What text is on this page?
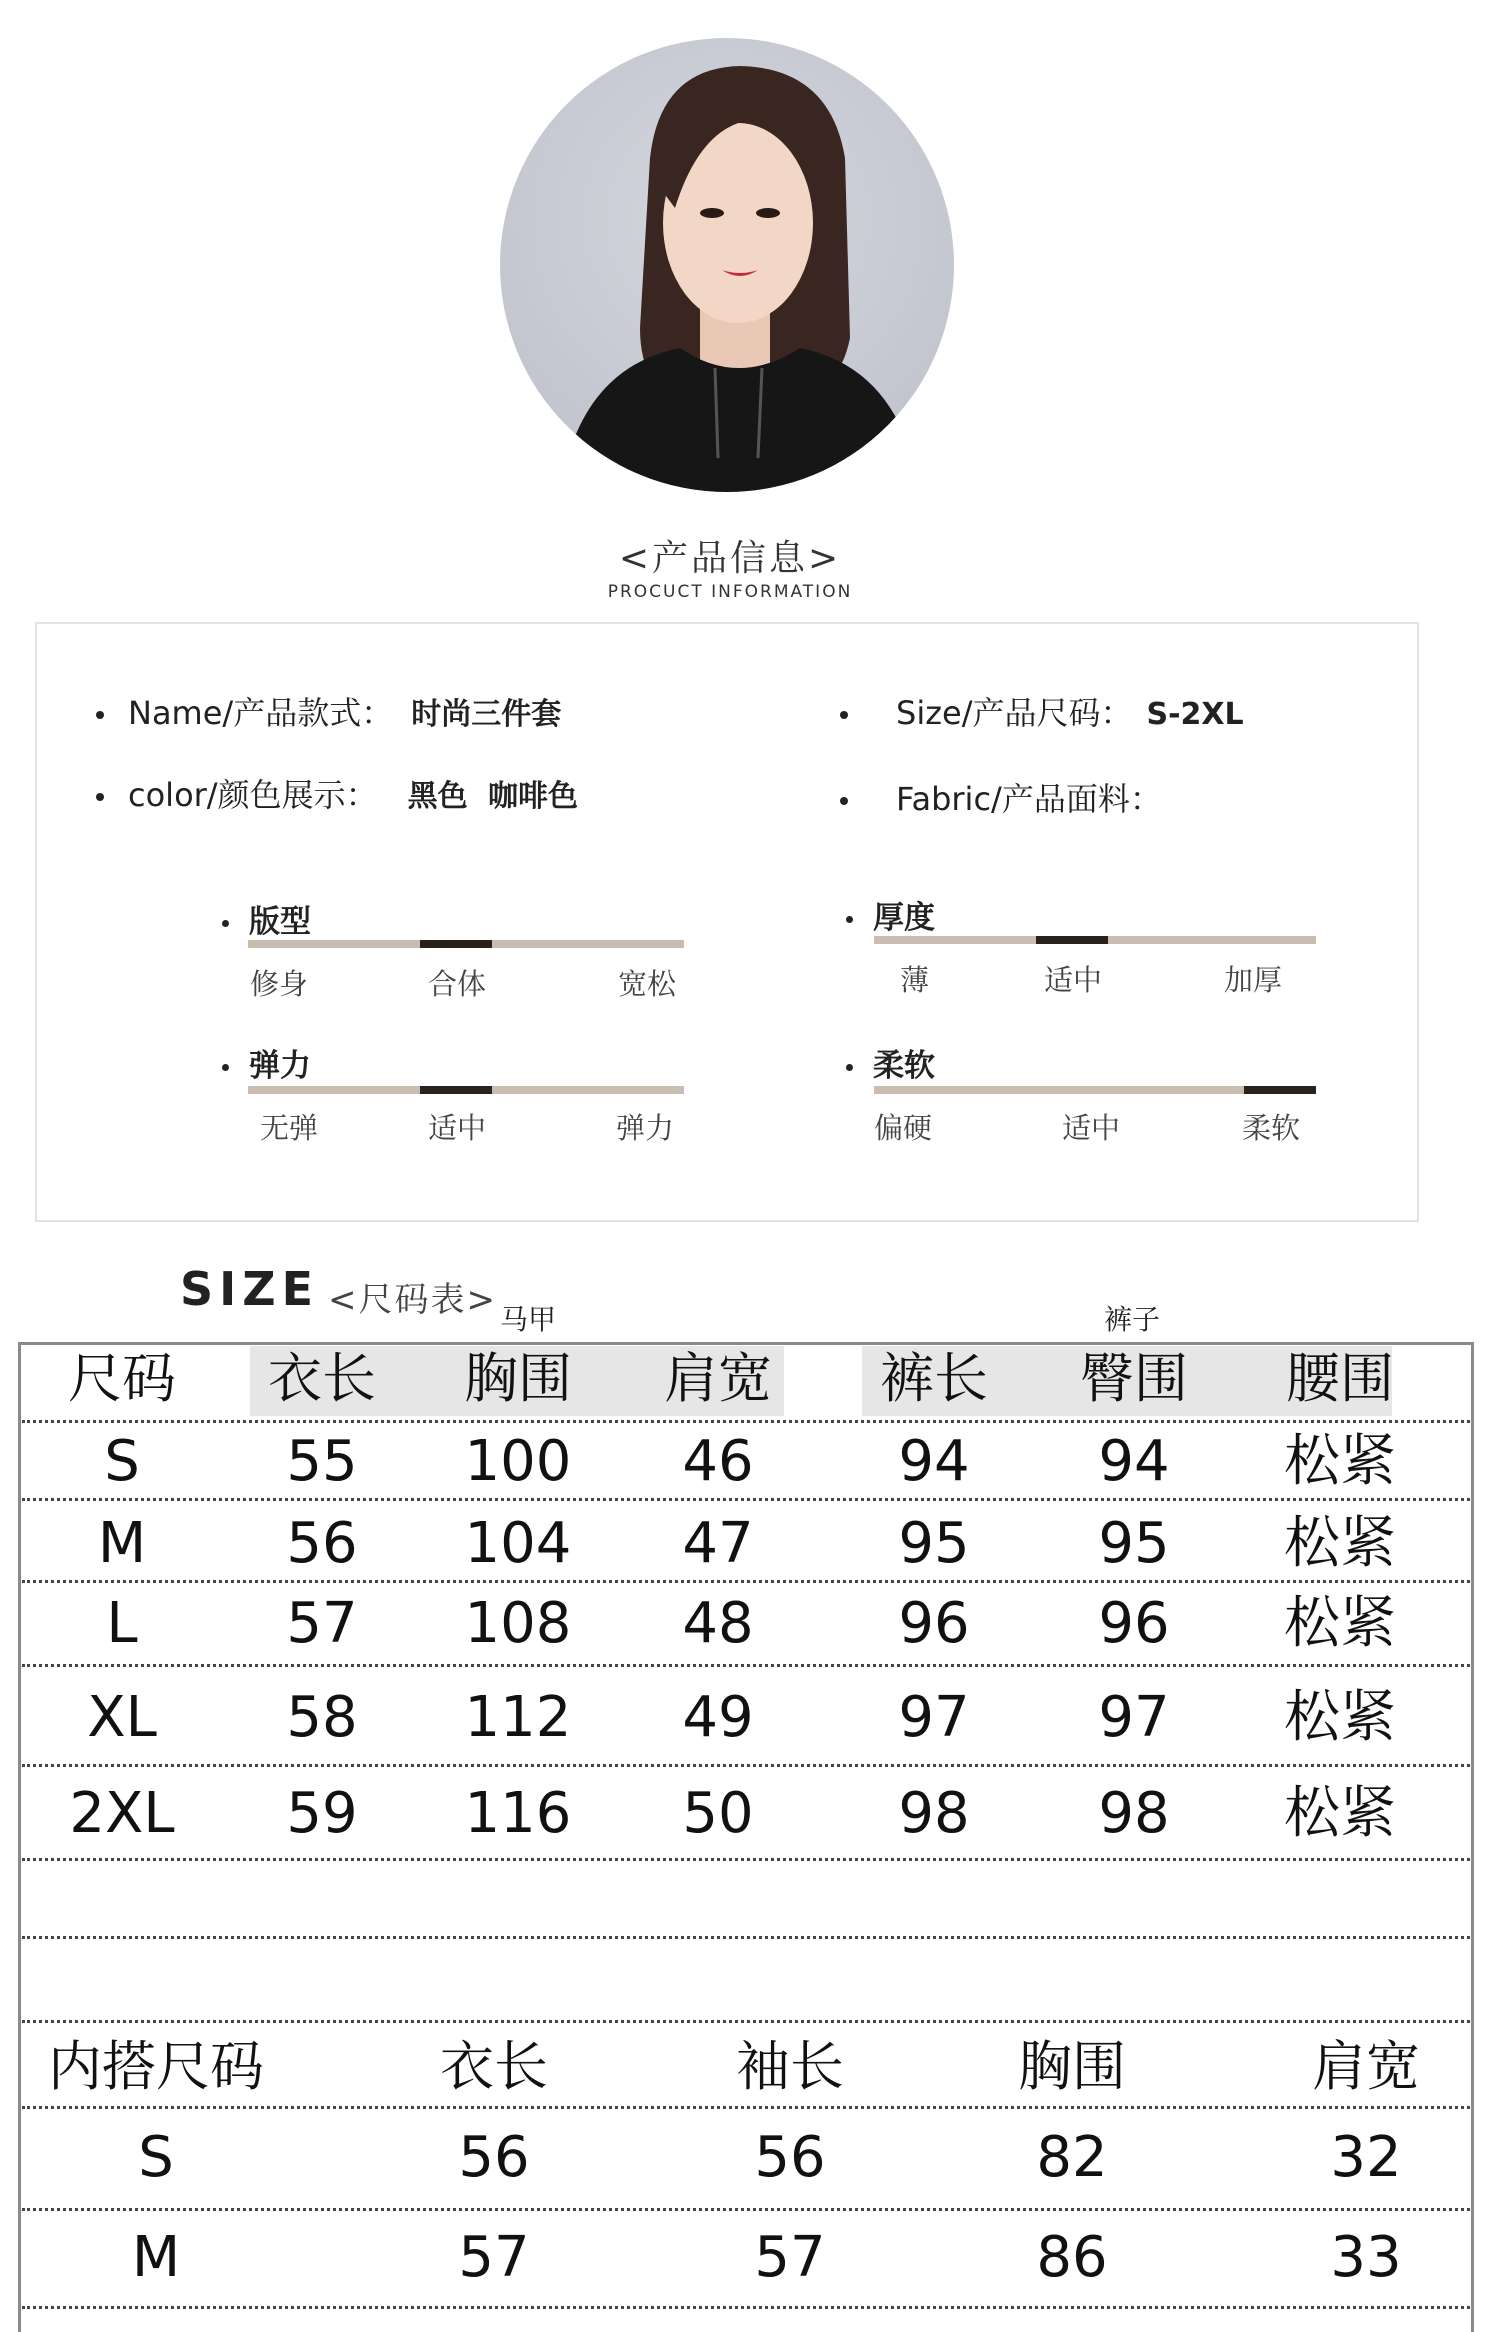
<产品信息>
PROCUCT INFORMATION
Name/产品款式： 时尚三件套	Size/产品尺码： S-2XL
color/颜色展示： 黑色 咖啡色	Fabric/产品面料：
版型
修身	合体	宽松
厚度
薄	适中	加厚
弹力
无弹	适中	弹力
柔软
偏硬	适中	柔软
SIZE <尺码表> 马甲	裤子
尺码	衣长	胸围	肩宽	裤长	臀围	腰围
S	55	100	46	94	94	松紧
M	56	104	47	95	95	松紧
L	57	108	48	96	96	松紧
XL	58	112	49	97	97	松紧
2XL	59	116	50	98	98	松紧
内搭尺码	衣长	袖长	胸围	肩宽
S	56	56	82	32
M	57	57	86	33
